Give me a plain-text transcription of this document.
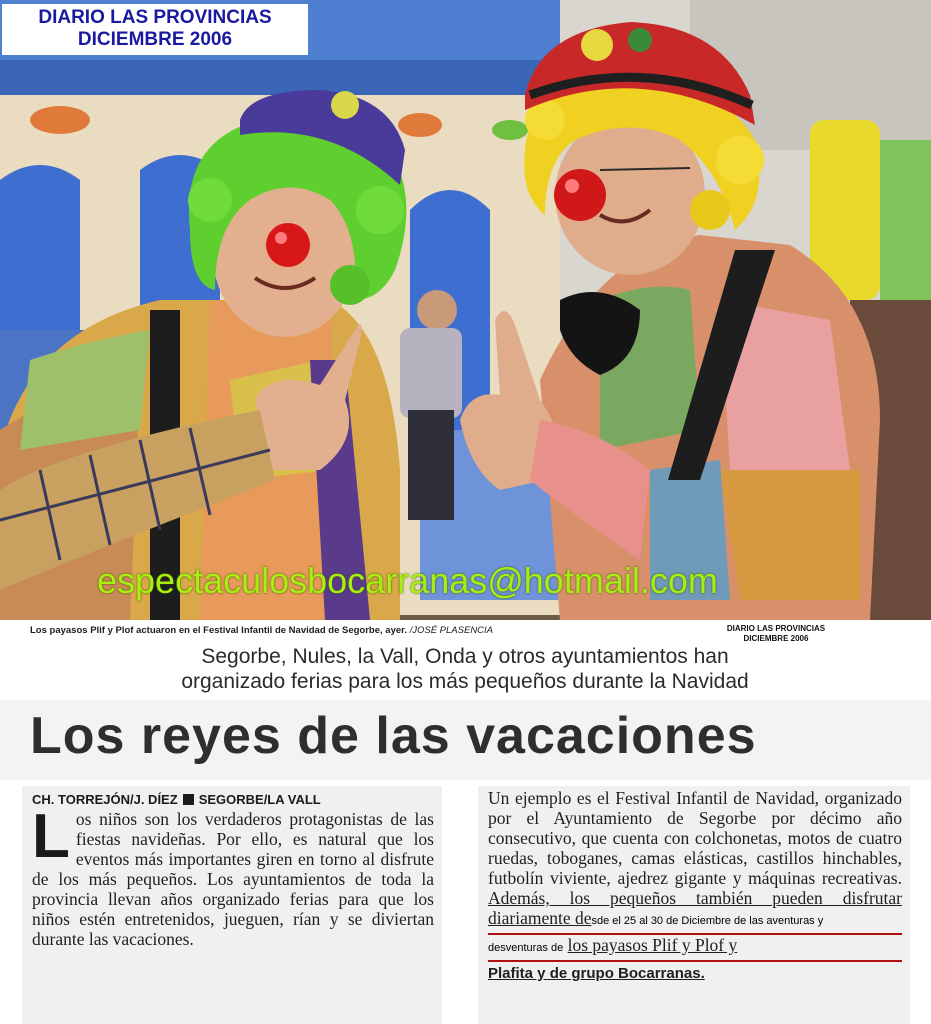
DIARIO LAS PROVINCIAS
DICIEMBRE 2006
espectaculosbocarranas@hotmail.com
Los payasos Plif y Plof actuaron en el Festival Infantil de Navidad de Segorbe, ayer. /JOSÉ PLASENCIA	DIARIO LAS PROVINCIAS
DICIEMBRE 2006
Segorbe, Nules, la Vall, Onda y otros ayuntamientos han
organizado ferias para los más pequeños durante la Navidad
Los reyes de las vacaciones
CH. TORREJÓN/J. DÍEZ SEGORBE/LA VALL
Los niños son los verdaderos protagonistas de las fiestas navideñas. Por ello, es natural que los eventos más importantes giren en torno al disfrute de los más pequeños. Los ayuntamientos de toda la provincia llevan años organizado ferias para que los niños estén entretenidos, jueguen, rían y se diviertan durante las vacaciones.
Un ejemplo es el Festival Infantil de Navidad, organizado por el Ayuntamiento de Segorbe por décimo año consecutivo, que cuenta con colchonetas, motos de cuatro ruedas, toboganes, camas elásticas, castillos hinchables, futbolín viviente, ajedrez gigante y máquinas recreativas. Además, los pequeños también pueden disfrutar diariamente desde el 25 al 30 de Diciembre de las aventuras y
desventuras de los payasos Plif y Plof y
Plafita y de grupo Bocarranas.
